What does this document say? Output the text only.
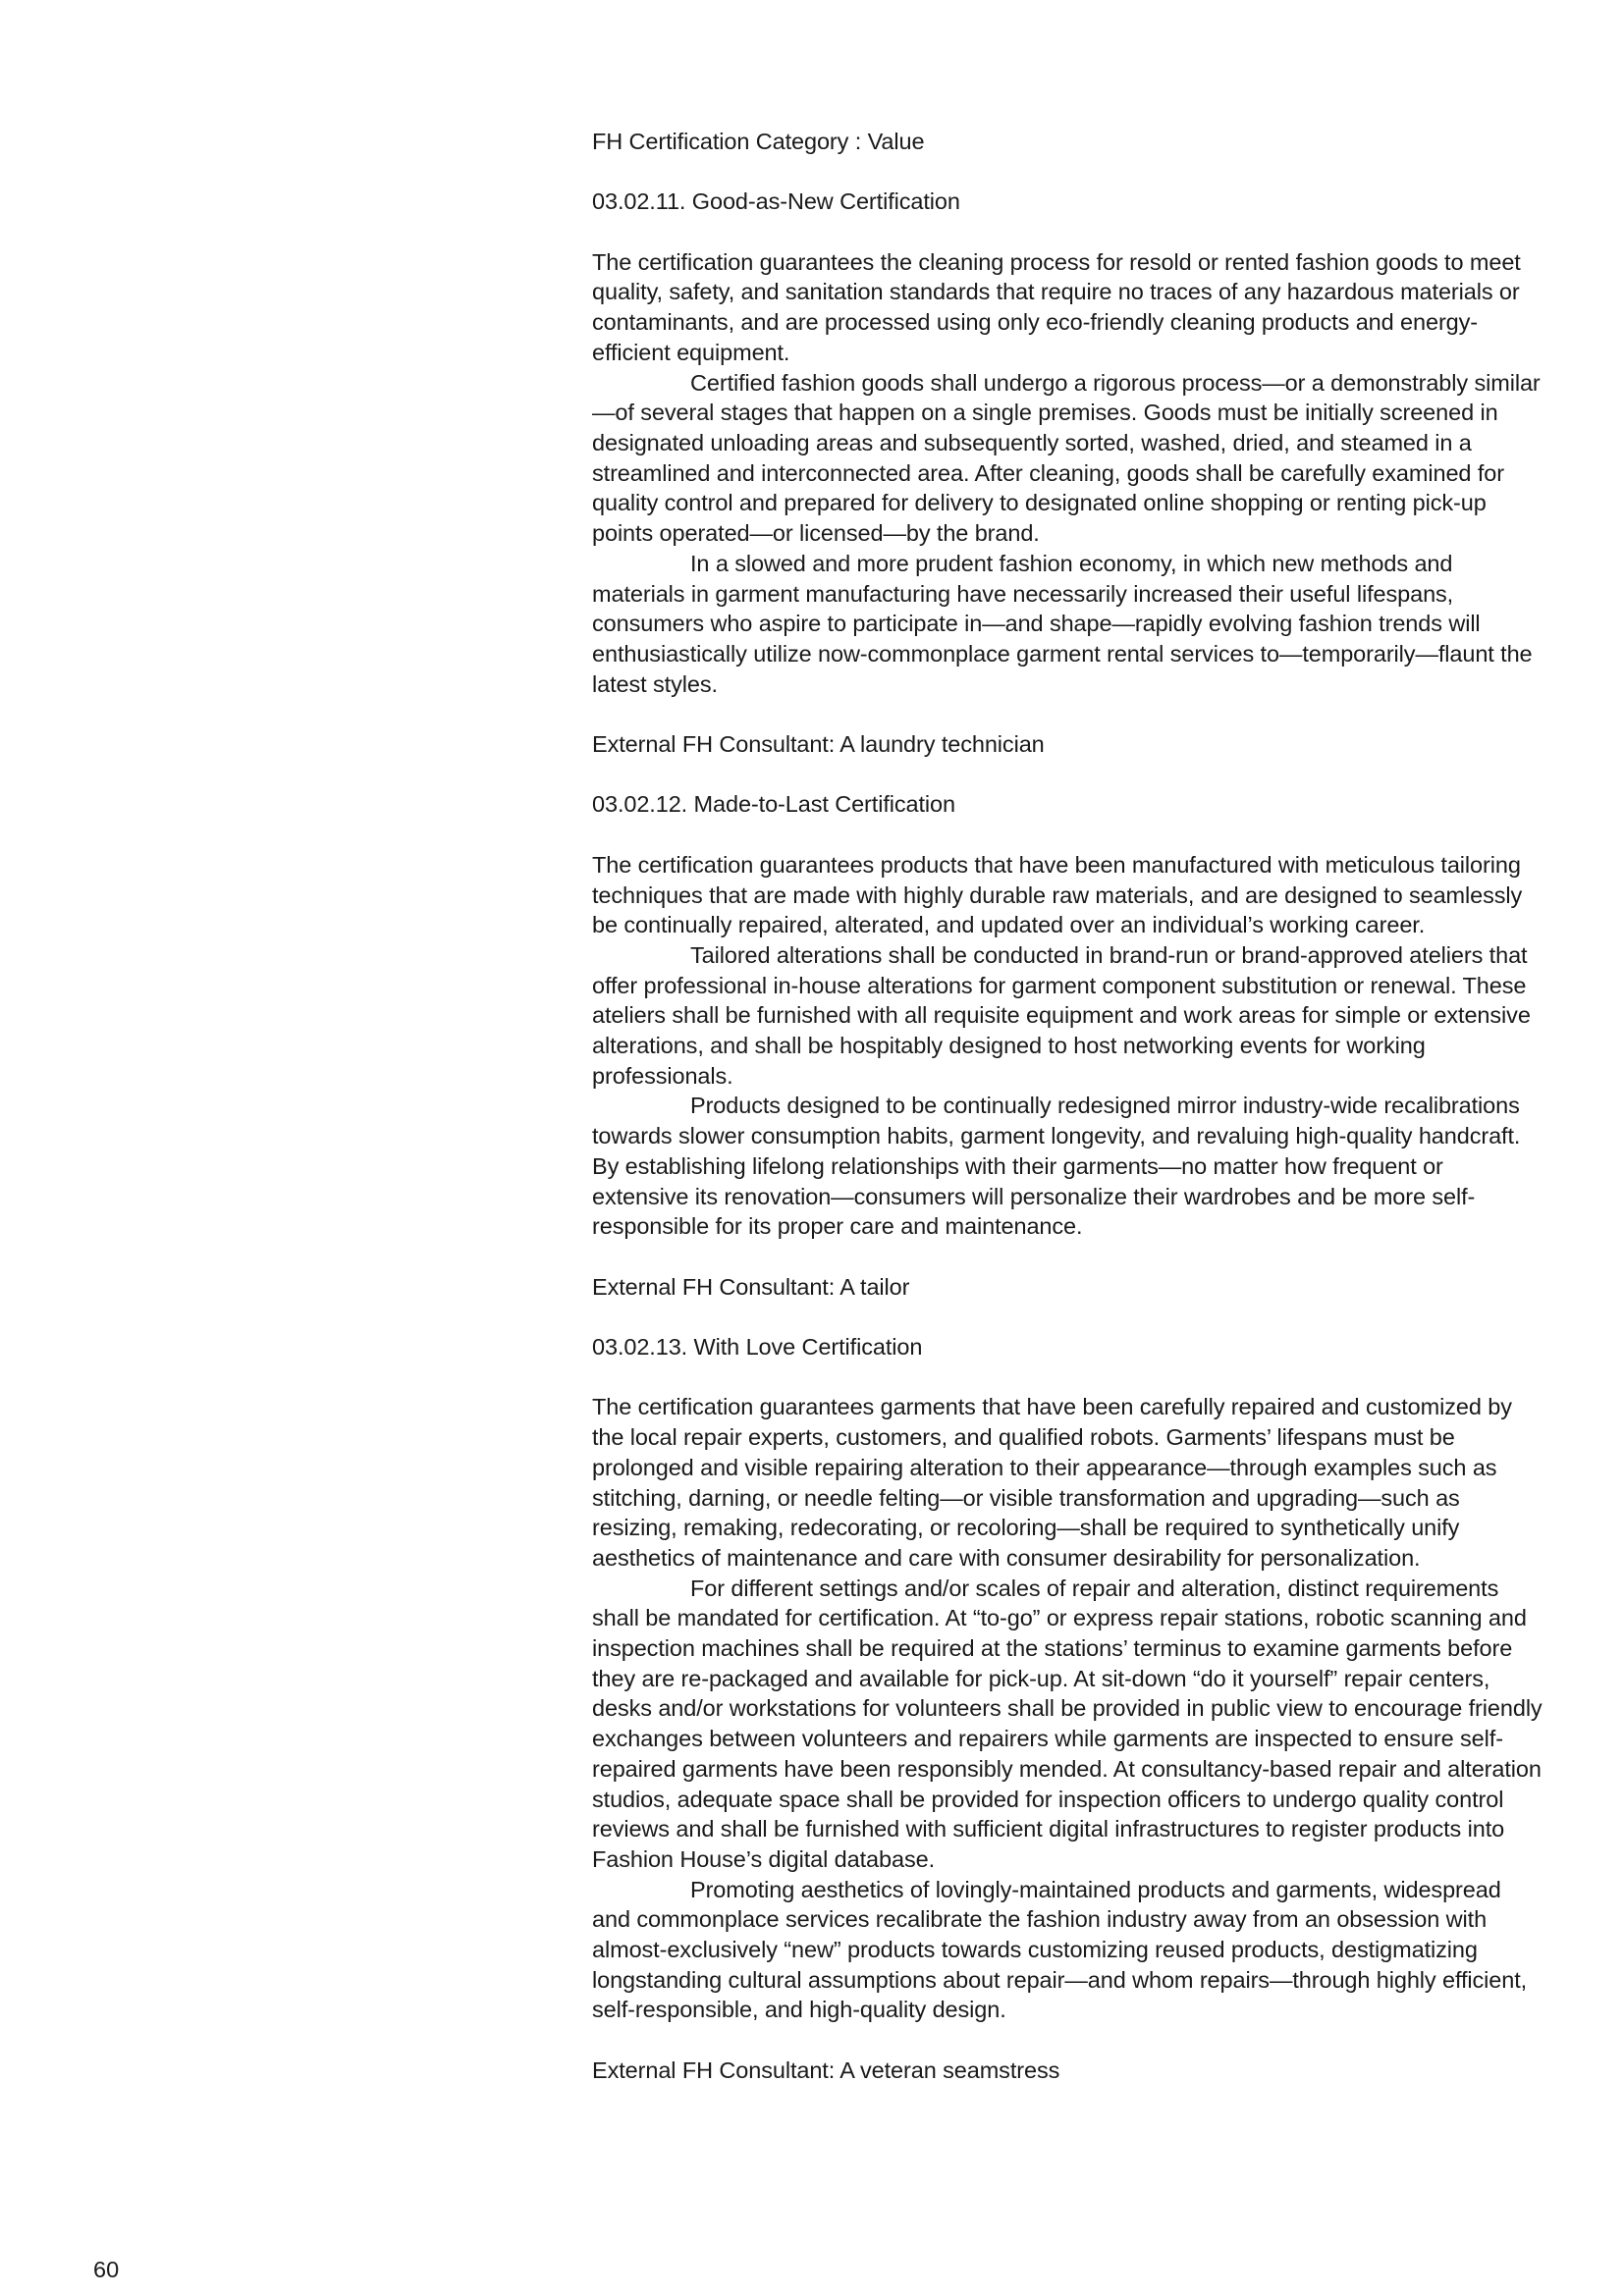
FH Certification Category : Value

03.02.11. Good-as-New Certification

The certification guarantees the cleaning process for resold or rented fashion goods to meet quality, safety, and sanitation standards that require no traces of any hazardous materials or contaminants, and are processed using only eco-friendly cleaning products and energy-efficient equipment.

Certified fashion goods shall undergo a rigorous process—or a demonstrably similar—of several stages that happen on a single premises. Goods must be initially screened in designated unloading areas and subsequently sorted, washed, dried, and steamed in a streamlined and interconnected area. After cleaning, goods shall be carefully examined for quality control and prepared for delivery to designated online shopping or renting pick-up points operated—or licensed—by the brand.

In a slowed and more prudent fashion economy, in which new methods and materials in garment manufacturing have necessarily increased their useful lifespans, consumers who aspire to participate in—and shape—rapidly evolving fashion trends will enthusiastically utilize now-commonplace garment rental services to—temporarily—flaunt the latest styles.

External FH Consultant: A laundry technician

03.02.12. Made-to-Last Certification

The certification guarantees products that have been manufactured with meticulous tailoring techniques that are made with highly durable raw materials, and are designed to seamlessly be continually repaired, alterated, and updated over an individual’s working career.

Tailored alterations shall be conducted in brand-run or brand-approved ateliers that offer professional in-house alterations for garment component substitution or renewal. These ateliers shall be furnished with all requisite equipment and work areas for simple or extensive alterations, and shall be hospitably designed to host networking events for working professionals.

Products designed to be continually redesigned mirror industry-wide recalibrations towards slower consumption habits, garment longevity, and revaluing high-quality handcraft. By establishing lifelong relationships with their garments—no matter how frequent or extensive its renovation—consumers will personalize their wardrobes and be more self-responsible for its proper care and maintenance.

External FH Consultant: A tailor

03.02.13. With Love Certification

The certification guarantees garments that have been carefully repaired and customized by the local repair experts, customers, and qualified robots. Garments’ lifespans must be prolonged and visible repairing alteration to their appearance—through examples such as stitching, darning, or needle felting—or visible transformation and upgrading—such as resizing, remaking, redecorating, or recoloring—shall be required to synthetically unify aesthetics of maintenance and care with consumer desirability for personalization.

For different settings and/or scales of repair and alteration, distinct requirements shall be mandated for certification. At “to-go” or express repair stations, robotic scanning and inspection machines shall be required at the stations’ terminus to examine garments before they are re-packaged and available for pick-up. At sit-down “do it yourself” repair centers, desks and/or workstations for volunteers shall be provided in public view to encourage friendly exchanges between volunteers and repairers while garments are inspected to ensure self-repaired garments have been responsibly mended. At consultancy-based repair and alteration studios, adequate space shall be provided for inspection officers to undergo quality control reviews and shall be furnished with sufficient digital infrastructures to register products into Fashion House’s digital database.

Promoting aesthetics of lovingly-maintained products and garments, widespread and commonplace services recalibrate the fashion industry away from an obsession with almost-exclusively “new” products towards customizing reused products, destigmatizing longstanding cultural assumptions about repair—and whom repairs—through highly efficient, self-responsible, and high-quality design.

External FH Consultant: A veteran seamstress

60
